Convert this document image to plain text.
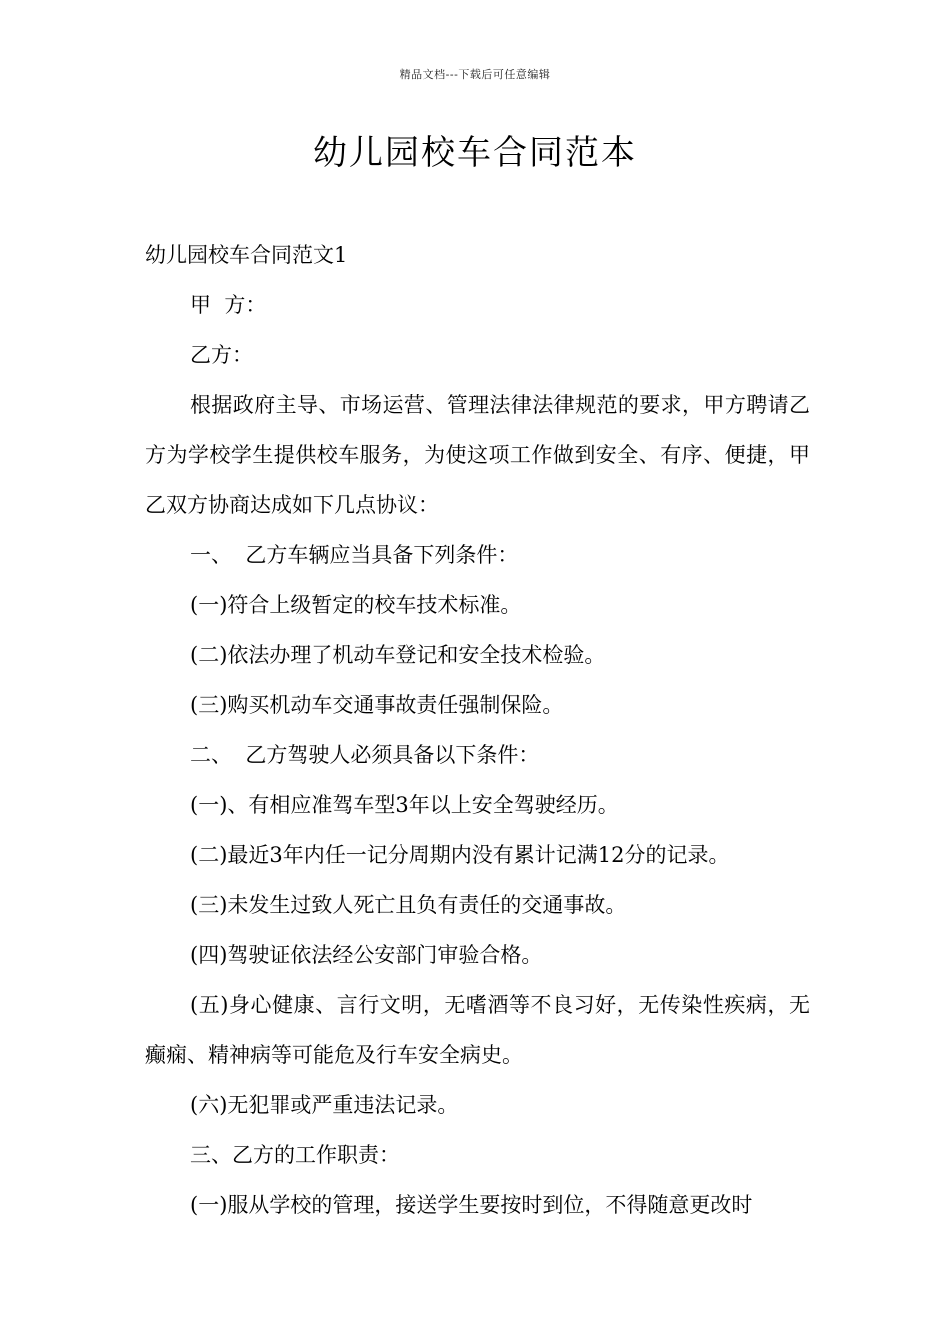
精品文档---下载后可任意编辑
幼儿园校车合同范本

幼儿园校车合同范文1

甲  方：

乙方：

根据政府主导、市场运营、管理法律法律规范的要求，甲方聘请乙方为学校学生提供校车服务，为使这项工作做到安全、有序、便捷，甲乙双方协商达成如下几点协议：

一、  乙方车辆应当具备下列条件：

(一)符合上级暂定的校车技术标准。

(二)依法办理了机动车登记和安全技术检验。

(三)购买机动车交通事故责任强制保险。

二、  乙方驾驶人必须具备以下条件：

(一)、有相应准驾车型3年以上安全驾驶经历。

(二)最近3年内任一记分周期内没有累计记满12分的记录。

(三)未发生过致人死亡且负有责任的交通事故。

(四)驾驶证依法经公安部门审验合格。

(五)身心健康、言行文明，无嗜酒等不良习好，无传染性疾病，无癫痫、精神病等可能危及行车安全病史。

(六)无犯罪或严重违法记录。

三、乙方的工作职责：

(一)服从学校的管理，接送学生要按时到位，不得随意更改时
